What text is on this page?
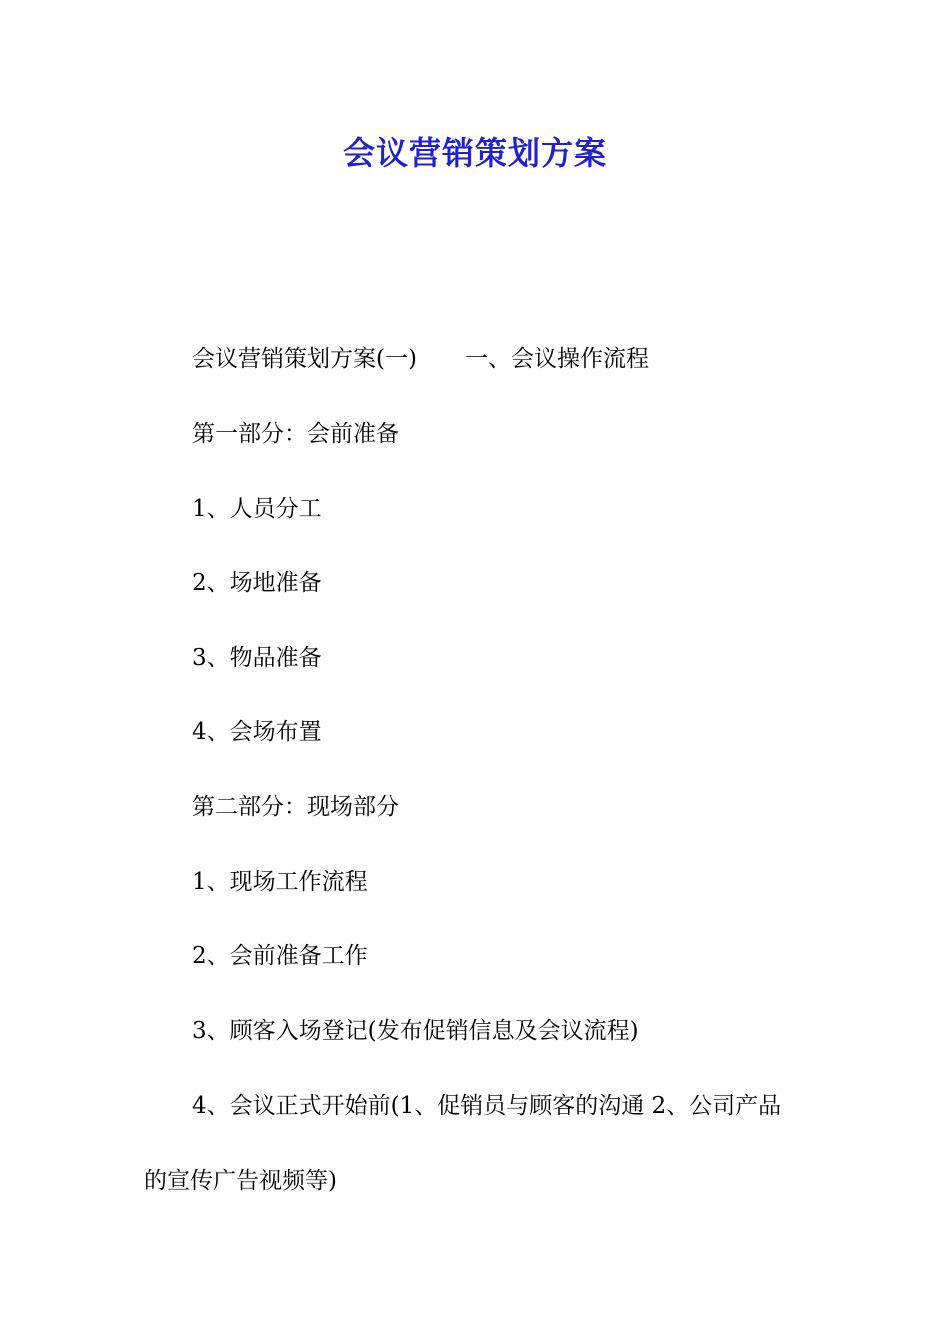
会议营销策划方案
会议营销策划方案(一) 一、会议操作流程
第一部分：会前准备
1、人员分工
2、场地准备
3、物品准备
4、会场布置
第二部分：现场部分
1、现场工作流程
2、会前准备工作
3、顾客入场登记(发布促销信息及会议流程)
4、会议正式开始前(1、促销员与顾客的沟通 2、公司产品
的宣传广告视频等)
